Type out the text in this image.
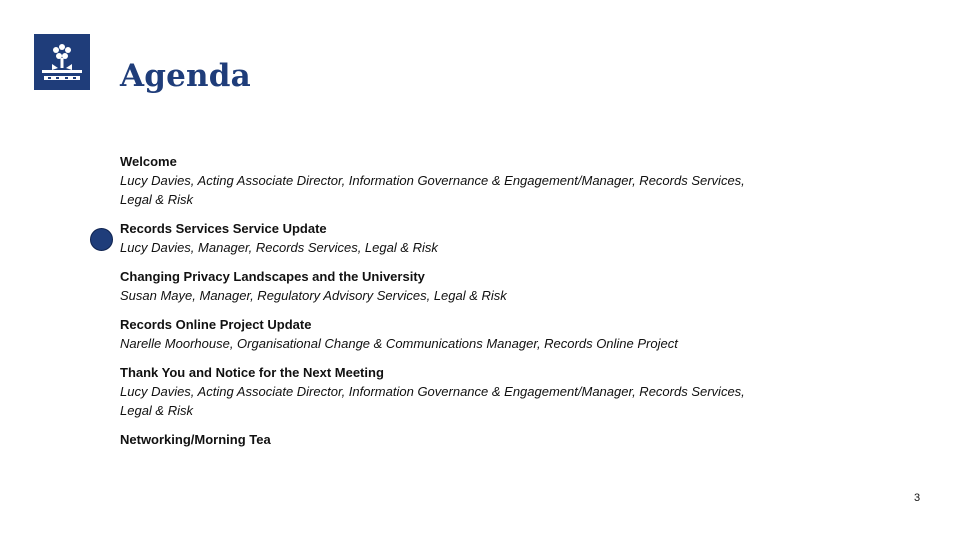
Agenda
Welcome
Lucy Davies, Acting Associate Director, Information Governance & Engagement/Manager, Records Services, Legal & Risk
Records Services Service Update
Lucy Davies, Manager, Records Services, Legal & Risk
Changing Privacy Landscapes and the University
Susan Maye, Manager, Regulatory Advisory Services, Legal & Risk
Records Online Project Update
Narelle Moorhouse, Organisational Change & Communications Manager, Records Online Project
Thank You and Notice for the Next Meeting
Lucy Davies, Acting Associate Director, Information Governance & Engagement/Manager, Records Services, Legal & Risk
Networking/Morning Tea
3
